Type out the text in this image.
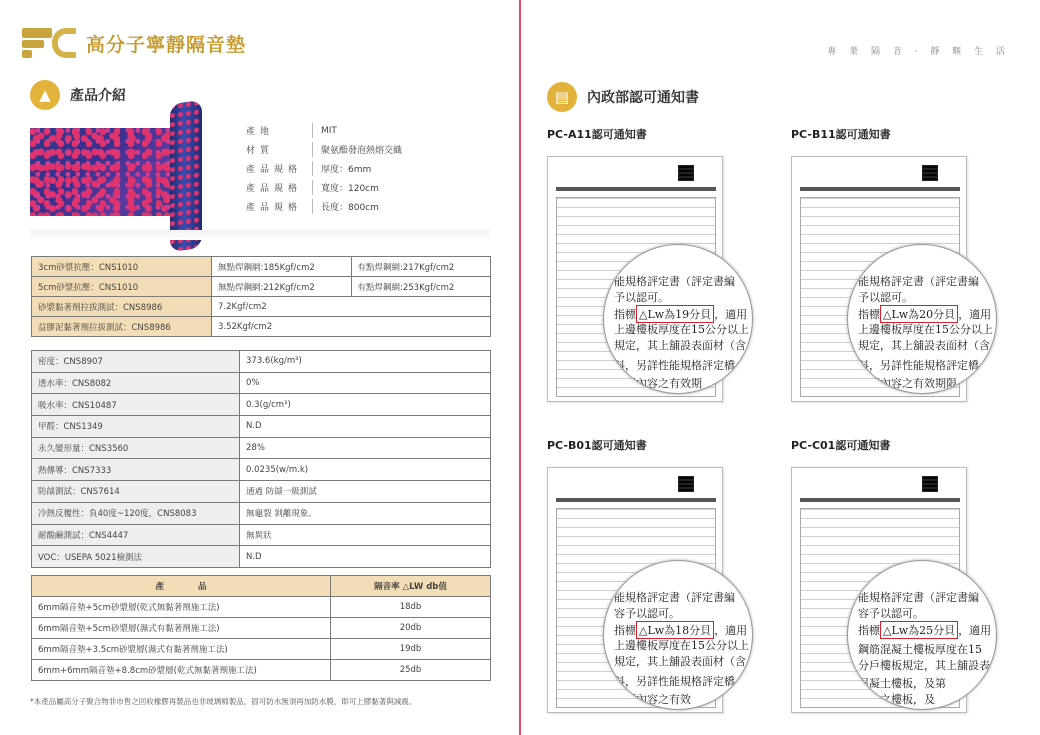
高分子寧靜隔音墊
▲	產品介紹
產地	MIT
材質	聚氨酯發泡熱熔交織
產品規格	厚度：6mm
產品規格	寬度：120cm
產品規格	長度：800cm
3cm砂漿抗壓：CNS1010	無點焊鋼網:185Kgf/cm2	有點焊鋼網:217Kgf/cm2
5cm砂漿抗壓：CNS1010	無點焊鋼網:212Kgf/cm2	有點焊鋼網:253Kgf/cm2
砂漿黏著劑拉拔測試：CNS8986	7.2Kgf/cm2	
益膠泥黏著劑拉拔測試：CNS8986	3.52Kgf/cm2	
密度：CNS8907	373.6(kg/m³)
透水率：CNS8082	0%
吸水率：CNS10487	0.3(g/cm³)
甲醛：CNS1349	N.D
永久變形量：CNS3560	28%
熱傳導：CNS7333	0.0235(w/m.k)
防燄測試：CNS7614	通過 防燄一級測試
冷熱反覆性：負40度~120度，CNS8083	無龜裂 剝離現象。
耐酸鹼測試：CNS4447	無異狀
VOC：USEPA 5021檢測法	N.D
產　　　　品	隔音率 △LW db值
6mm隔音墊+5cm砂漿層(乾式無黏著劑施工法)	18db
6mm隔音墊+5cm砂漿層(濕式有黏著劑施工法)	20db
6mm隔音墊+3.5cm砂漿層(濕式有黏著劑施工法)	19db
6mm+6mm隔音墊+8.8cm砂漿層(乾式無黏著劑施工法)	25db
*本產品屬高分子聚合物非市售之回收橡膠再製品也非玻璃棉製品，固可防水無須再加防水膜，即可上膠黏著與減震。
專 業 隔 音 · 靜 暱 生 活
▤	內政部認可通知書
PC-A11認可通知書
能規格評定書（評定書編
予以認可。
指標 △Lw為19分貝 ，適用
上邊樓板厚度在15公分以上
規定，其上舖設表面材（含
料，另詳性能規格評定橋
認可內容之有效期
PC-B11認可通知書
能規格評定書（評定書編
予以認可。
指標 △Lw為20分貝 ，適用
上邊樓板厚度在15公分以上
規定，其上舖設表面材（含
料，另詳性能規格評定橋
認可內容之有效期限
PC-B01認可通知書
能規格評定書（評定書編
容予以認可。
指標 △Lw為18分貝 ，適用
上邊樓板厚度在15公分以上
規定，其上舖設表面材（含
料，另詳性能規格評定橋
認可內容之有效
PC-C01認可通知書
能規格評定書（評定書編
容予以認可。
指標 △Lw為25分貝 ，適用
鋼筋混凝土樓板厚度在15
分戶樓板規定，其上舖設表
混凝土樓板，及第
樓房之樓板，及
